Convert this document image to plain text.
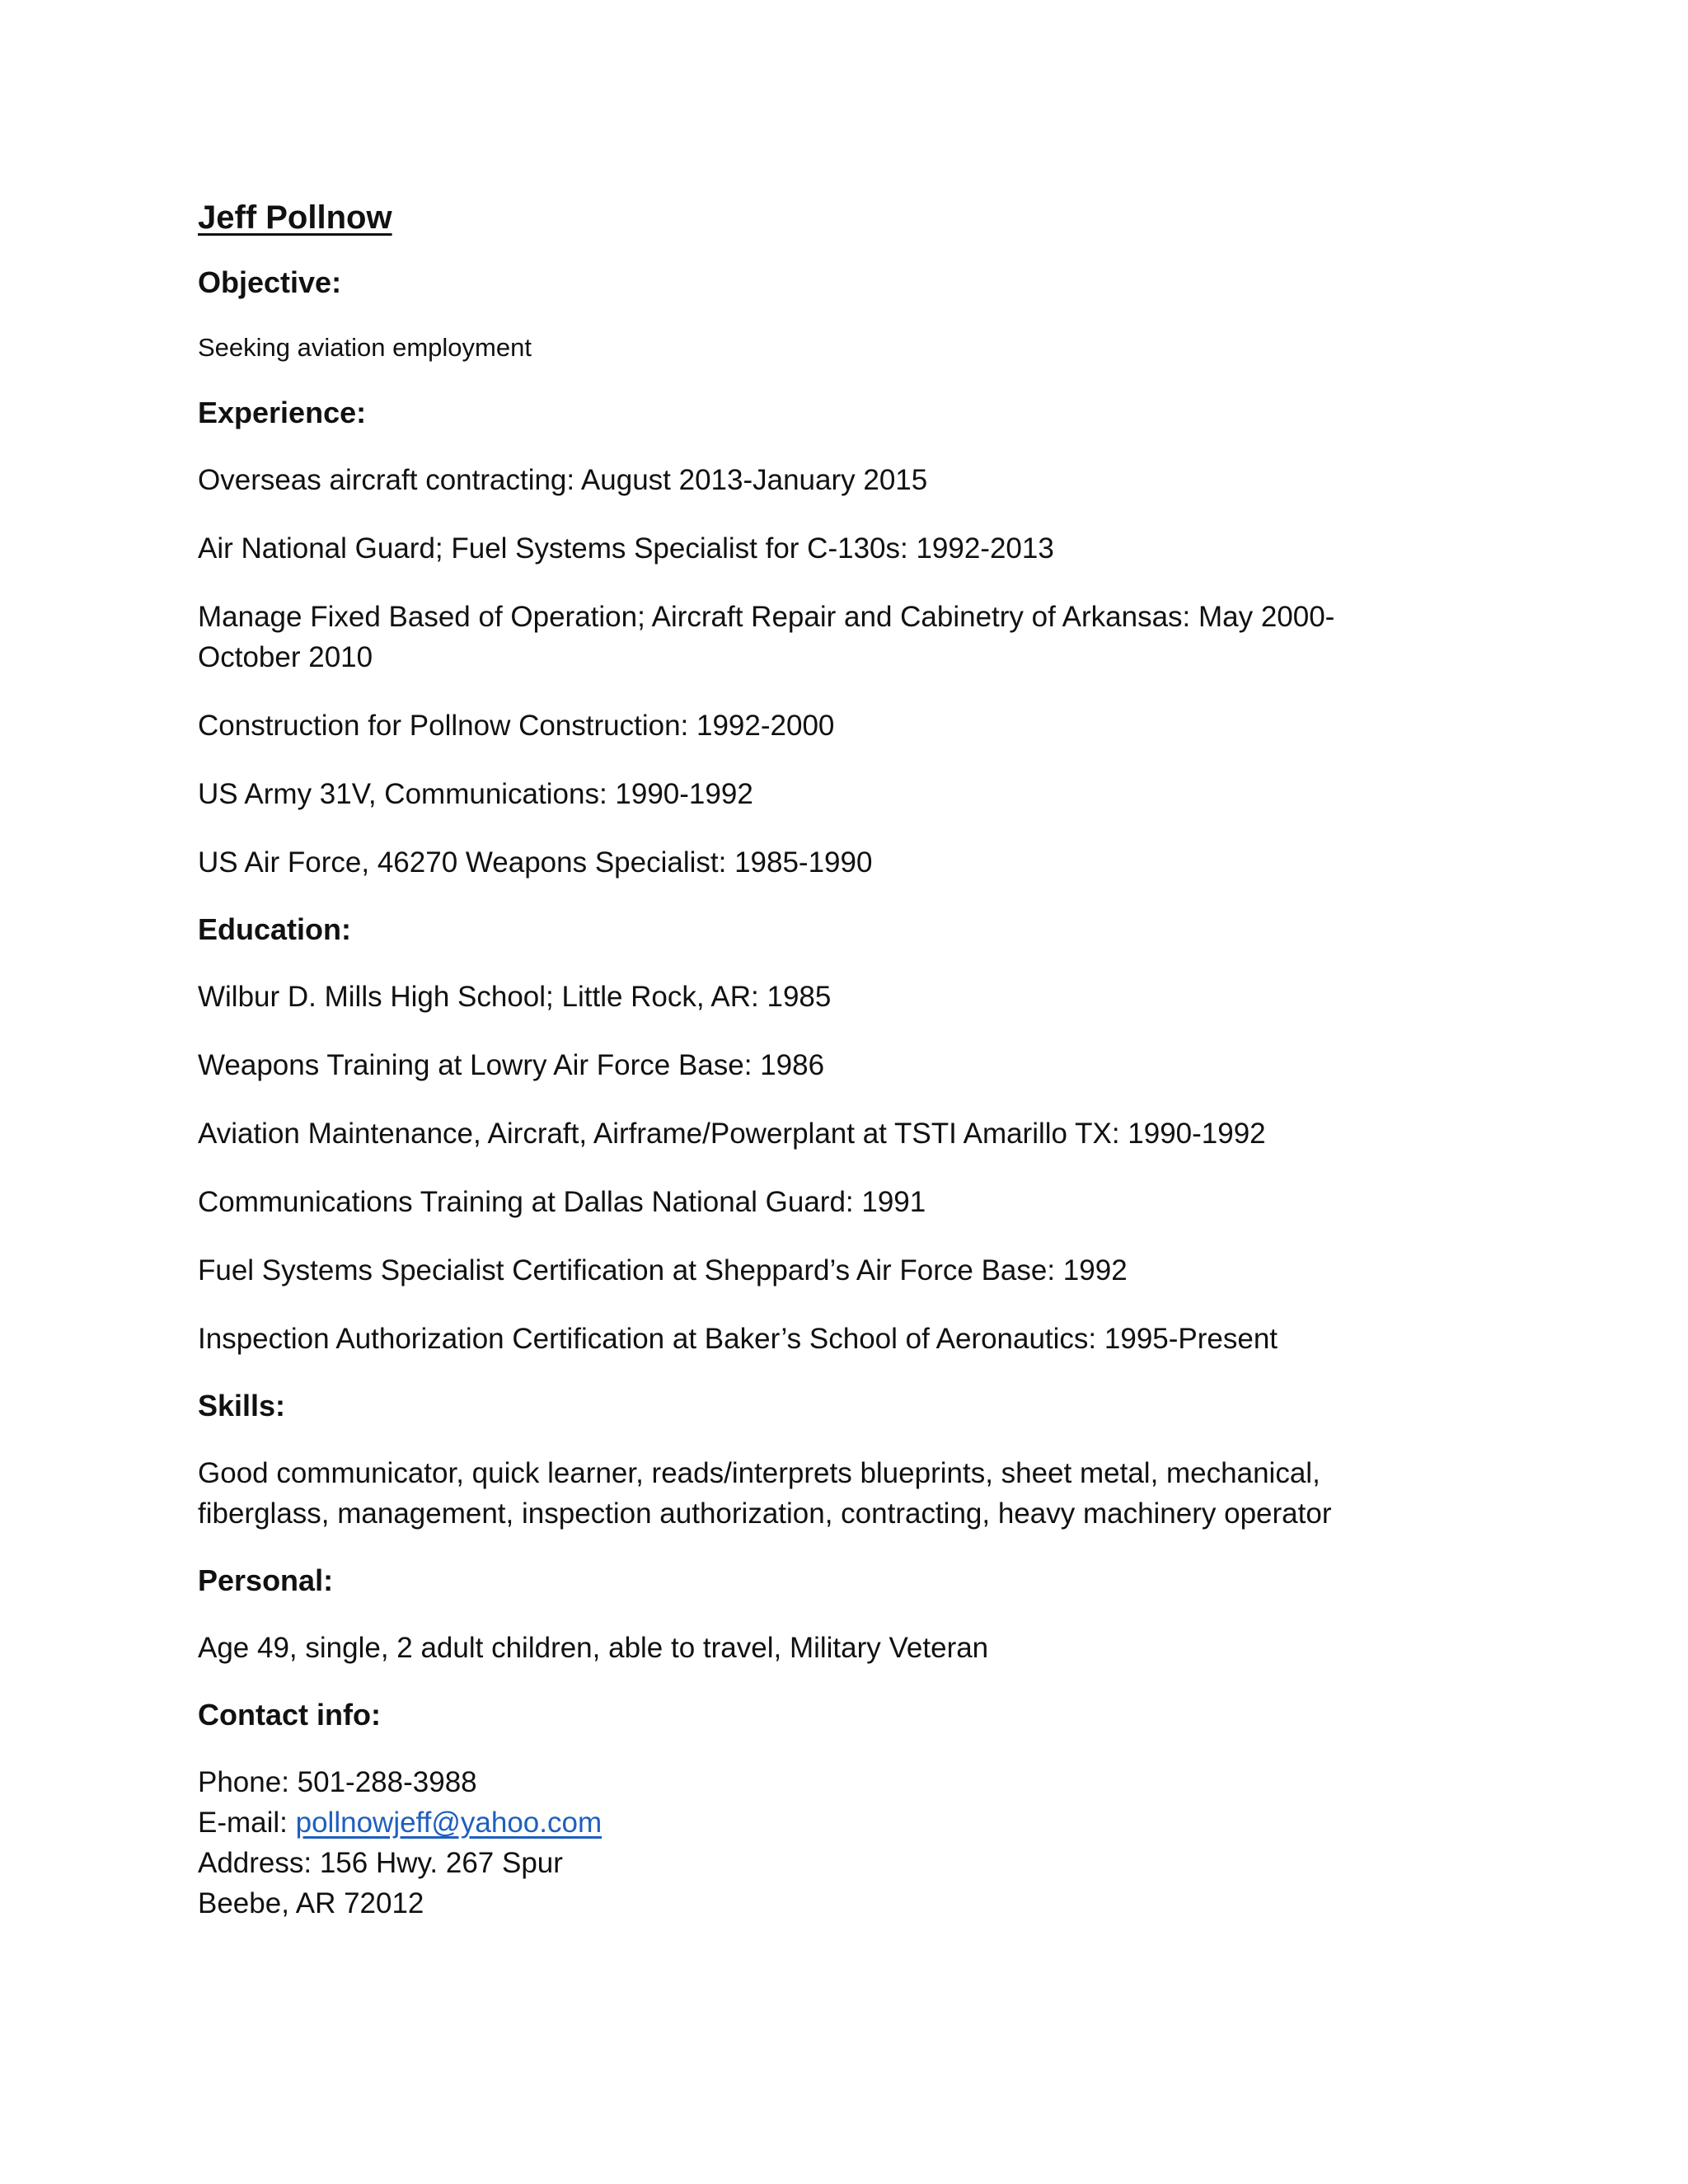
Jeff Pollnow
Objective:
Seeking aviation employment
Experience:
Overseas aircraft contracting: August 2013-January 2015
Air National Guard; Fuel Systems Specialist for C-130s: 1992-2013
Manage Fixed Based of Operation; Aircraft Repair and Cabinetry of Arkansas: May 2000-October 2010
Construction for Pollnow Construction: 1992-2000
US Army 31V, Communications: 1990-1992
US Air Force, 46270 Weapons Specialist: 1985-1990
Education:
Wilbur D. Mills High School; Little Rock, AR: 1985
Weapons Training at Lowry Air Force Base: 1986
Aviation Maintenance, Aircraft, Airframe/Powerplant at TSTI Amarillo TX: 1990-1992
Communications Training at Dallas National Guard: 1991
Fuel Systems Specialist Certification at Sheppard’s Air Force Base: 1992
Inspection Authorization Certification at Baker’s School of Aeronautics: 1995-Present
Skills:
Good communicator, quick learner, reads/interprets blueprints, sheet metal, mechanical, fiberglass, management, inspection authorization, contracting, heavy machinery operator
Personal:
Age 49, single, 2 adult children, able to travel, Military Veteran
Contact info:
Phone: 501-288-3988
E-mail: pollnowjeff@yahoo.com
Address: 156 Hwy. 267 Spur
Beebe, AR 72012
